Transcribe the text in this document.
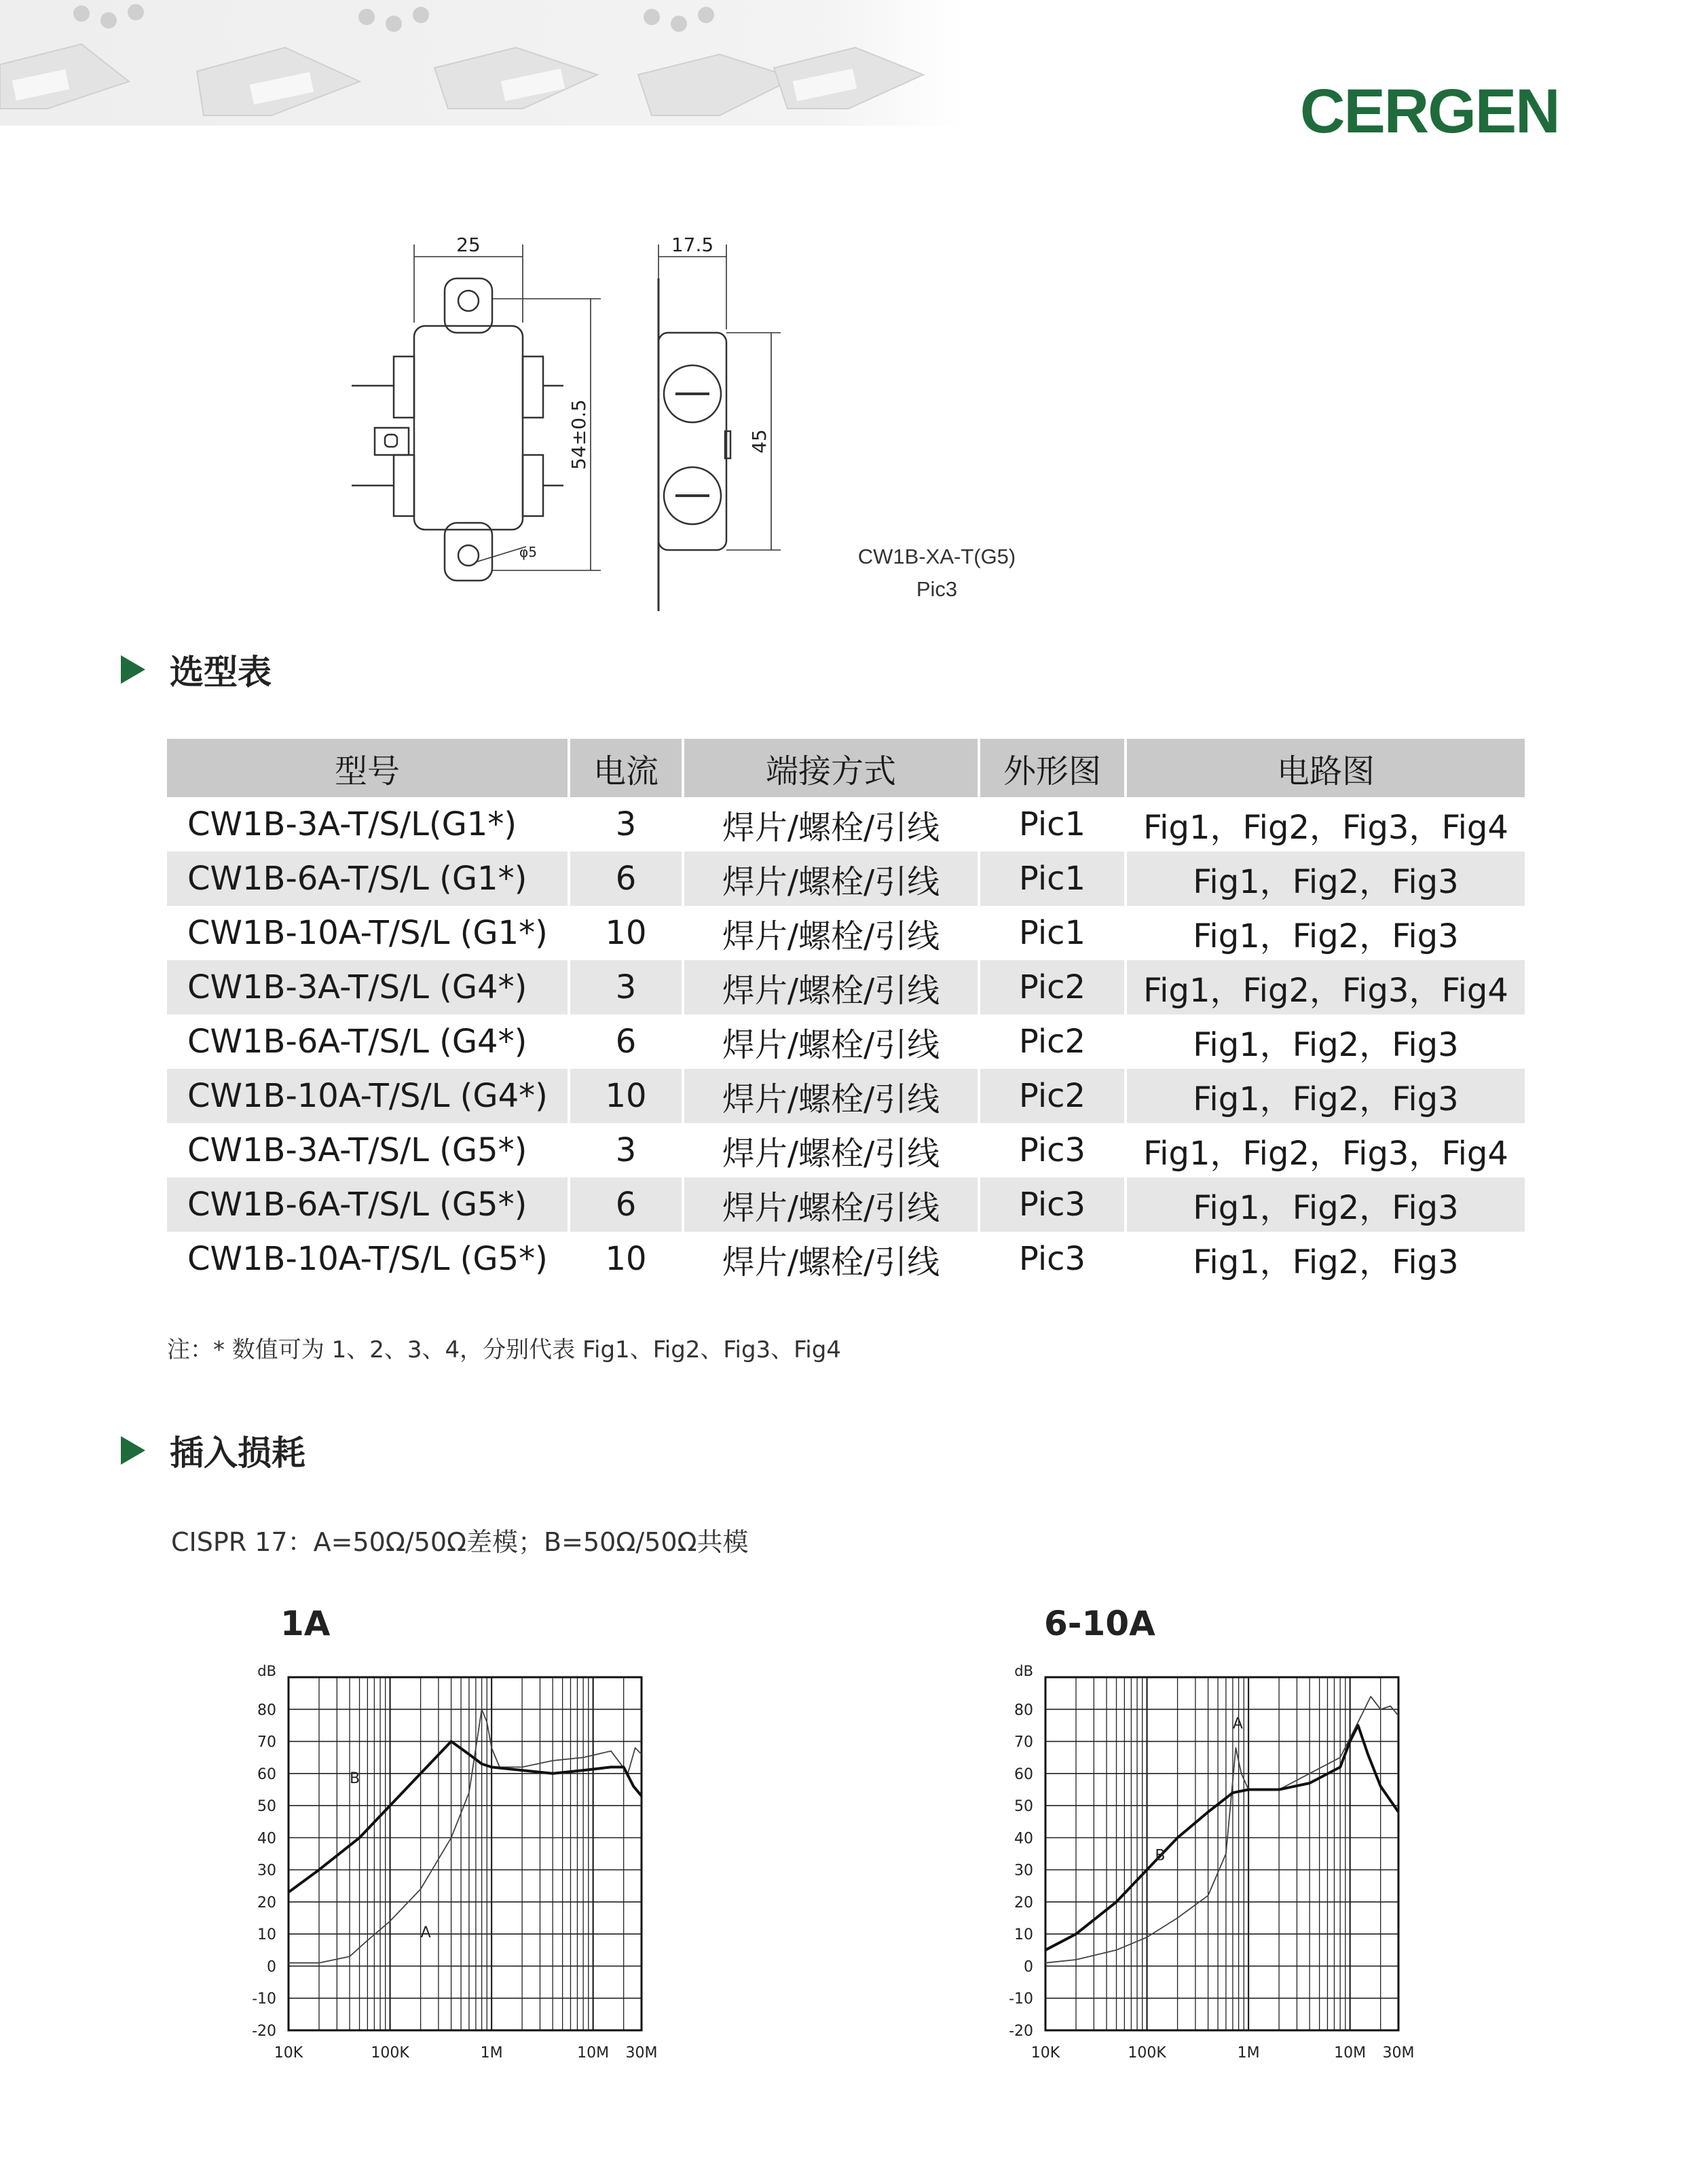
CERGEN
25	17.5
54±0.5	45
φ5	CW1B-XA-T(G5)
Pic3
选型表
型号	电流	端接方式	外形图	电路图
CW1B-3A-T/S/L(G1*)	3	焊片/螺栓/引线	Pic1	Fig1，Fig2，Fig3，Fig4
CW1B-6A-T/S/L (G1*)	6	焊片/螺栓/引线	Pic1	Fig1，Fig2，Fig3
CW1B-10A-T/S/L (G1*)	10	焊片/螺栓/引线	Pic1	Fig1，Fig2，Fig3
CW1B-3A-T/S/L (G4*)	3	焊片/螺栓/引线	Pic2	Fig1，Fig2，Fig3，Fig4
CW1B-6A-T/S/L (G4*)	6	焊片/螺栓/引线	Pic2	Fig1，Fig2，Fig3
CW1B-10A-T/S/L (G4*)	10	焊片/螺栓/引线	Pic2	Fig1，Fig2，Fig3
CW1B-3A-T/S/L (G5*)	3	焊片/螺栓/引线	Pic3	Fig1，Fig2，Fig3，Fig4
CW1B-6A-T/S/L (G5*)	6	焊片/螺栓/引线	Pic3	Fig1，Fig2，Fig3
CW1B-10A-T/S/L (G5*)	10	焊片/螺栓/引线	Pic3	Fig1，Fig2，Fig3
注：* 数值可为 1、2、3、4，分别代表 Fig1、Fig2、Fig3、Fig4
插入损耗
CISPR 17：A=50Ω/50Ω差模；B=50Ω/50Ω共模
1A	6-10A
dB
80
70
60
50
40
30
20
10
0
-10
-20
10K	100K	1M	10M 30M
A
B
dB
80
70
60
50
40
30
20
10
0
-10
-20
10K	100K	1M	10M 30M
A
B
